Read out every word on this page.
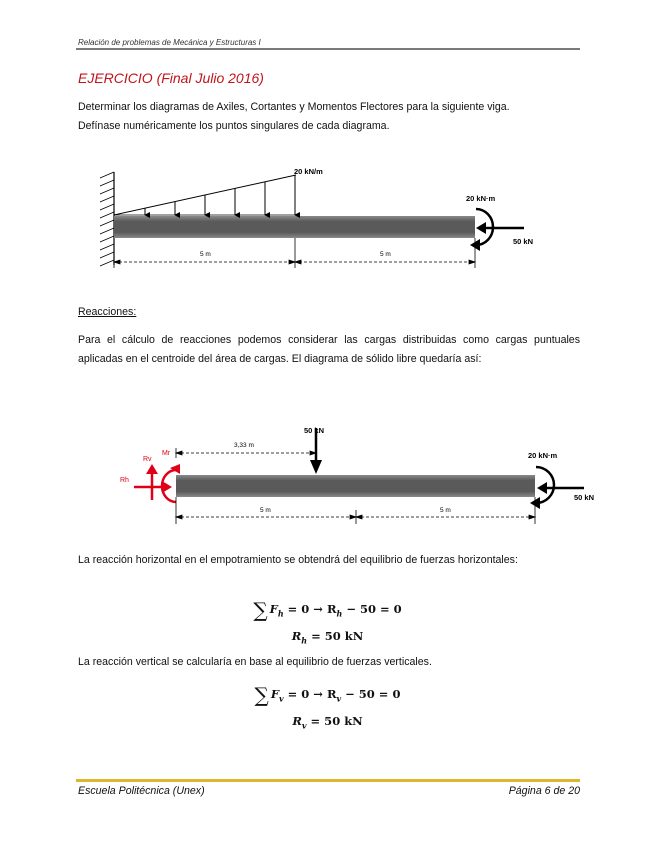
Relación de problemas de Mecánica y Estructuras I
EJERCICIO (Final Julio 2016)
Determinar los diagramas de Axiles, Cortantes y Momentos Flectores para la siguiente viga.
Defínase numéricamente los puntos singulares de cada diagrama.
20 kN/m
20 kN·m
50 kN
5 m	5 m
Reacciones:
Para el cálculo de reacciones podemos considerar las cargas distribuidas como cargas puntuales aplicadas en el centroide del área de cargas. El diagrama de sólido libre quedaría así:
50 kN
3,33 m
Rv
Mr
Rh
20 kN·m
50 kN
5 m	5 m
La reacción horizontal en el empotramiento se obtendrá del equilibrio de fuerzas horizontales:
∑ $F_h = 0 \to R_h - 50 = 0$
$R_h = 50$ kN
La reacción vertical se calcularía en base al equilibrio de fuerzas verticales.
∑ $F_v = 0 \to R_v - 50 = 0$
$R_v = 50$ kN
Escuela Politécnica (Unex)	Página 6 de 20
